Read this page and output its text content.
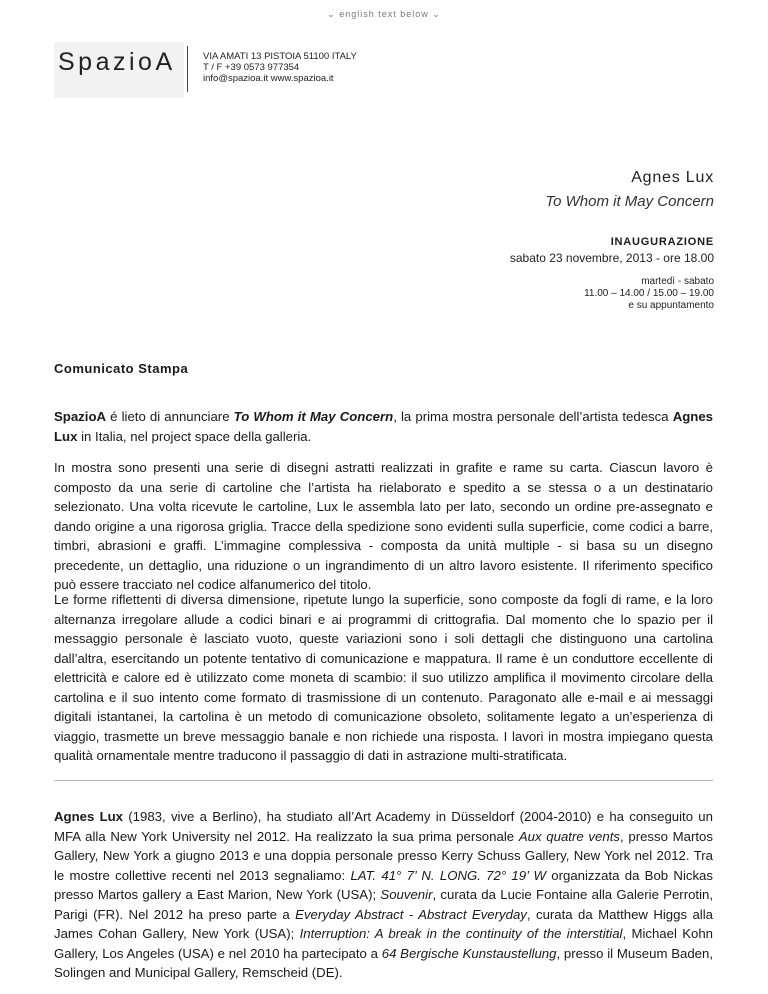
⌄ english text below ⌄
SpazioA	VIA AMATI 13 PISTOIA 51100 ITALY
T / F +39 0573 977354
info@spazioa.it www.spazioa.it
Agnes Lux
To Whom it May Concern
INAUGURAZIONE
sabato 23 novembre, 2013 - ore 18.00
martedì - sabato
11.00 – 14.00 / 15.00 – 19.00
e su appuntamento
Comunicato Stampa
SpazioA é lieto di annunciare To Whom it May Concern, la prima mostra personale dell’artista tedesca Agnes Lux in Italia, nel project space della galleria.
In mostra sono presenti una serie di disegni astratti realizzati in grafite e rame su carta. Ciascun lavoro è composto da una serie di cartoline che l’artista ha rielaborato e spedito a se stessa o a un destinatario selezionato. Una volta ricevute le cartoline, Lux le assembla lato per lato, secondo un ordine pre-assegnato e dando origine a una rigorosa griglia. Tracce della spedizione sono evidenti sulla superficie, come codici a barre, timbri, abrasioni e graffi. L’immagine complessiva - composta da unità multiple - si basa su un disegno precedente, un dettaglio, una riduzione o un ingrandimento di un altro lavoro esistente. Il riferimento specifico può essere tracciato nel codice alfanumerico del titolo.
Le forme riflettenti di diversa dimensione, ripetute lungo la superficie, sono composte da fogli di rame, e la loro alternanza irregolare allude a codici binari e ai programmi di crittografia. Dal momento che lo spazio per il messaggio personale è lasciato vuoto, queste variazioni sono i soli dettagli che distinguono una cartolina dall’altra, esercitando un potente tentativo di comunicazione e mappatura. Il rame è un conduttore eccellente di elettricità e calore ed è utilizzato come moneta di scambio: il suo utilizzo amplifica il movimento circolare della cartolina e il suo intento come formato di trasmissione di un contenuto. Paragonato alle e-mail e ai messaggi digitali istantanei, la cartolina è un metodo di comunicazione obsoleto, solitamente legato a un’esperienza di viaggio, trasmette un breve messaggio banale e non richiede una risposta. I lavori in mostra impiegano questa qualità ornamentale mentre traducono il passaggio di dati in astrazione multi-stratificata.
Agnes Lux (1983, vive a Berlino), ha studiato all’Art Academy in Düsseldorf (2004-2010) e ha conseguito un MFA alla New York University nel 2012. Ha realizzato la sua prima personale Aux quatre vents, presso Martos Gallery, New York a giugno 2013 e una doppia personale presso Kerry Schuss Gallery, New York nel 2012. Tra le mostre collettive recenti nel 2013 segnaliamo: LAT. 41° 7’ N. LONG. 72° 19’ W organizzata da Bob Nickas presso Martos gallery a East Marion, New York (USA); Souvenir, curata da Lucie Fontaine alla Galerie Perrotin, Parigi (FR). Nel 2012 ha preso parte a Everyday Abstract - Abstract Everyday, curata da Matthew Higgs alla James Cohan Gallery, New York (USA); Interruption: A break in the continuity of the interstitial, Michael Kohn Gallery, Los Angeles (USA) e nel 2010 ha partecipato a 64 Bergische Kunstaustellung, presso il Museum Baden, Solingen and Municipal Gallery, Remscheid (DE).
